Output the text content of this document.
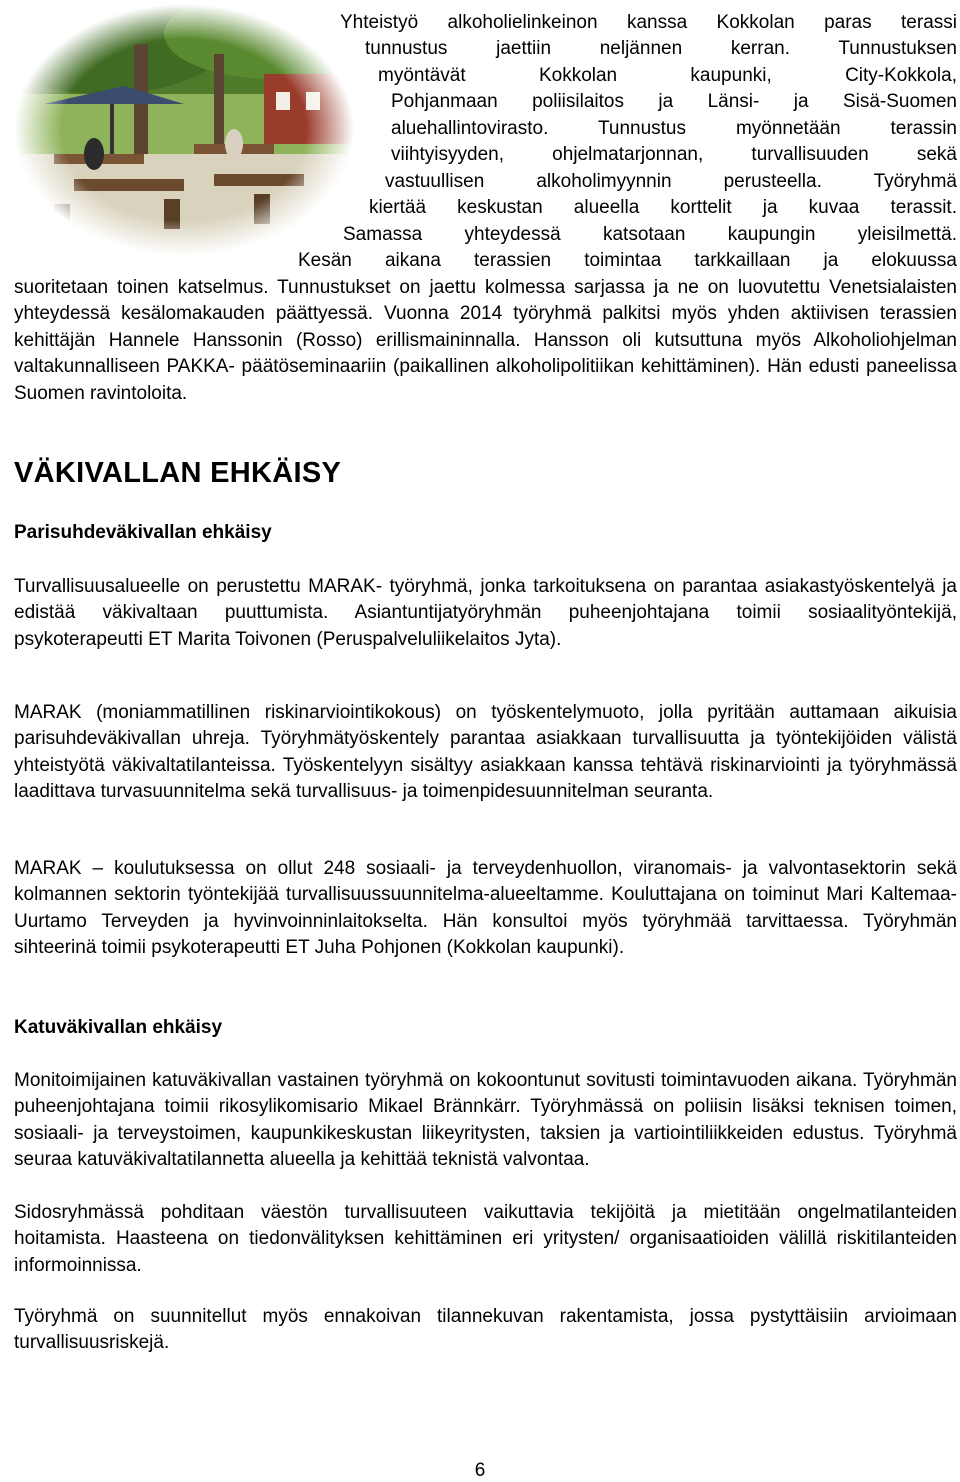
Yhteistyö alkoholielinkeinon kanssa Kokkolan paras terassi

tunnustus jaettiin neljännen kerran. Tunnustuksen

myöntävät Kokkolan kaupunki, City-Kokkola,

Pohjanmaan poliisilaitos ja Länsi- ja Sisä-Suomen

aluehallintovirasto. Tunnustus myönnetään terassin

viihtyisyyden, ohjelmatarjonnan, turvallisuuden sekä

vastuullisen alkoholimyynnin perusteella. Työryhmä

kiertää keskustan alueella korttelit ja kuvaa terassit.

Samassa yhteydessä katsotaan kaupungin yleisilmettä.

Kesän aikana terassien toimintaa tarkkaillaan ja elokuussa

suoritetaan toinen katselmus. Tunnustukset on jaettu kolmessa sarjassa ja ne on luovutettu Venetsialaisten yhteydessä kesälomakauden päättyessä. Vuonna 2014 työryhmä palkitsi myös yhden aktiivisen terassien kehittäjän Hannele Hanssonin (Rosso) erillismaininnalla. Hansson oli kutsuttuna myös Alkoholiohjelman valtakunnalliseen PAKKA- päätöseminaariin (paikallinen alkoholipolitiikan kehittäminen). Hän edusti paneelissa Suomen ravintoloita.

VÄKIVALLAN EHKÄISY
Parisuhdeväkivallan ehkäisy

Turvallisuusalueelle on perustettu MARAK- työryhmä, jonka tarkoituksena on parantaa asiakastyöskentelyä ja edistää väkivaltaan puuttumista. Asiantuntijatyöryhmän puheenjohtajana toimii sosiaalityöntekijä, psykoterapeutti ET Marita Toivonen (Peruspalveluliikelaitos Jyta).

MARAK (moniammatillinen riskinarviointikokous) on työskentelymuoto, jolla pyritään auttamaan aikuisia parisuhdeväkivallan uhreja. Työryhmätyöskentely parantaa asiakkaan turvallisuutta ja työntekijöiden välistä yhteistyötä väkivaltatilanteissa. Työskentelyyn sisältyy asiakkaan kanssa tehtävä riskinarviointi ja työryhmässä laadittava turvasuunnitelma sekä turvallisuus- ja toimenpidesuunnitelman seuranta.

MARAK – koulutuksessa on ollut 248 sosiaali- ja terveydenhuollon, viranomais- ja valvontasektorin sekä kolmannen sektorin työntekijää turvallisuussuunnitelma-alueeltamme. Kouluttajana on toiminut Mari Kaltemaa-Uurtamo Terveyden ja hyvinvoinninlaitokselta. Hän konsultoi myös työryhmää tarvittaessa. Työryhmän sihteerinä toimii psykoterapeutti ET Juha Pohjonen (Kokkolan kaupunki).

Katuväkivallan ehkäisy

Monitoimijainen katuväkivallan vastainen työryhmä on kokoontunut sovitusti toimintavuoden aikana. Työryhmän puheenjohtajana toimii rikosylikomisario Mikael Brännkärr. Työryhmässä on poliisin lisäksi teknisen toimen, sosiaali- ja terveystoimen, kaupunkikeskustan liikeyritysten, taksien ja vartiointiliikkeiden edustus. Työryhmä seuraa katuväkivaltatilannetta alueella ja kehittää teknistä valvontaa.

Sidosryhmässä pohditaan väestön turvallisuuteen vaikuttavia tekijöitä ja mietitään ongelmatilanteiden hoitamista. Haasteena on tiedonvälityksen kehittäminen eri yritysten/ organisaatioiden välillä riskitilanteiden informoinnissa.

Työryhmä on suunnitellut myös ennakoivan tilannekuvan rakentamista, jossa pystyttäisiin arvioimaan turvallisuusriskejä.

6
